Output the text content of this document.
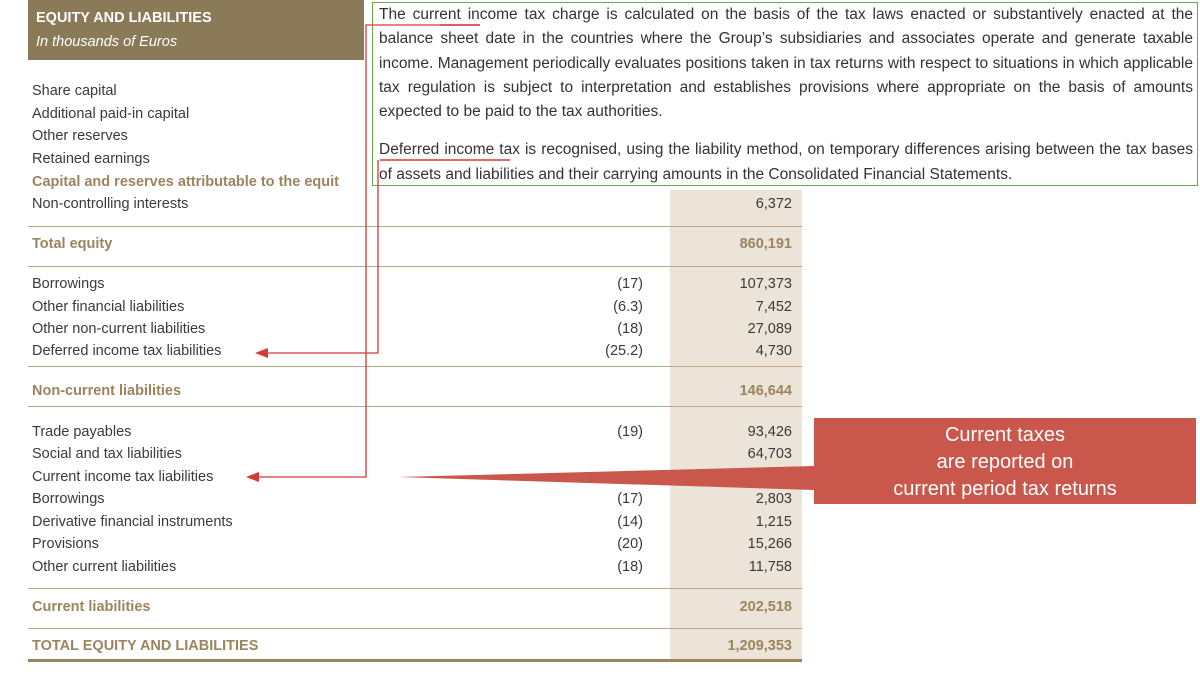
EQUITY AND LIABILITIES
In thousands of Euros
Share capital
Additional paid-in capital
Other reserves
Retained earnings
Capital and reserves attributable to the equit
Non-controlling interests
Total equity
Borrowings
Other financial liabilities
Other non-current liabilities
Deferred income tax liabilities
Non-current liabilities
Trade payables
Social and tax liabilities
Current income tax liabilities
Borrowings
Derivative financial instruments
Provisions
Other current liabilities
Current liabilities
TOTAL EQUITY AND LIABILITIES
(17)
(6.3)
(18)
(25.2)
(19)
(17)
(14)
(20)
(18)
6,372
860,191
107,373
7,452
27,089
4,730
146,644
93,426
64,703
2,803
1,215
15,266
11,758
202,518
1,209,353

The current income tax charge is calculated on the basis of the tax laws enacted or substantively enacted at the balance sheet date in the countries where the Group’s subsidiaries and associates operate and generate taxable income. Management periodically evaluates positions taken in tax returns with respect to situations in which applicable tax regulation is subject to interpretation and establishes provisions where appropriate on the basis of amounts expected to be paid to the tax authorities.

Deferred income tax is recognised, using the liability method, on temporary differences arising between the tax bases of assets and liabilities and their carrying amounts in the Consolidated Financial Statements.

Current taxes
are reported on
current period tax returns
